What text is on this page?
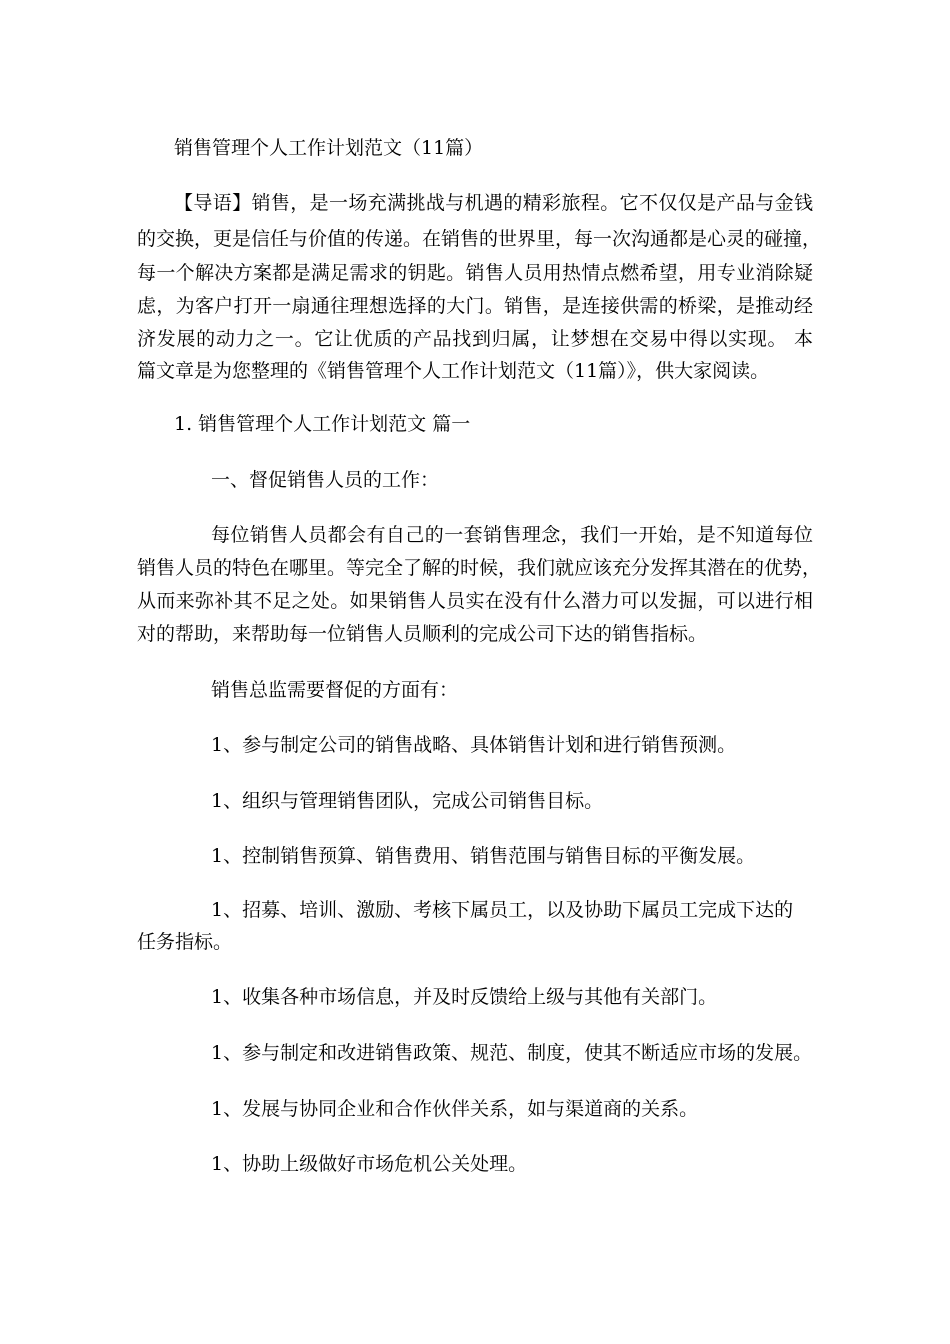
销售管理个人工作计划范文（11篇）
【导语】销售，是一场充满挑战与机遇的精彩旅程。它不仅仅是产品与金钱
的交换，更是信任与价值的传递。在销售的世界里，每一次沟通都是心灵的碰撞，
每一个解决方案都是满足需求的钥匙。销售人员用热情点燃希望，用专业消除疑
虑，为客户打开一扇通往理想选择的大门。销售，是连接供需的桥梁，是推动经
济发展的动力之一。它让优质的产品找到归属，让梦想在交易中得以实现。 本
篇文章是为您整理的《销售管理个人工作计划范文（11篇）》，供大家阅读。
1. 销售管理个人工作计划范文 篇一
一、督促销售人员的工作：
每位销售人员都会有自己的一套销售理念，我们一开始，是不知道每位
销售人员的特色在哪里。等完全了解的时候，我们就应该充分发挥其潜在的优势，
从而来弥补其不足之处。如果销售人员实在没有什么潜力可以发掘，可以进行相
对的帮助，来帮助每一位销售人员顺利的完成公司下达的销售指标。
销售总监需要督促的方面有：
1、参与制定公司的销售战略、具体销售计划和进行销售预测。
1、组织与管理销售团队，完成公司销售目标。
1、控制销售预算、销售费用、销售范围与销售目标的平衡发展。
1、招募、培训、激励、考核下属员工，以及协助下属员工完成下达的
任务指标。
1、收集各种市场信息，并及时反馈给上级与其他有关部门。
1、参与制定和改进销售政策、规范、制度，使其不断适应市场的发展。
1、发展与协同企业和合作伙伴关系，如与渠道商的关系。
1、协助上级做好市场危机公关处理。
